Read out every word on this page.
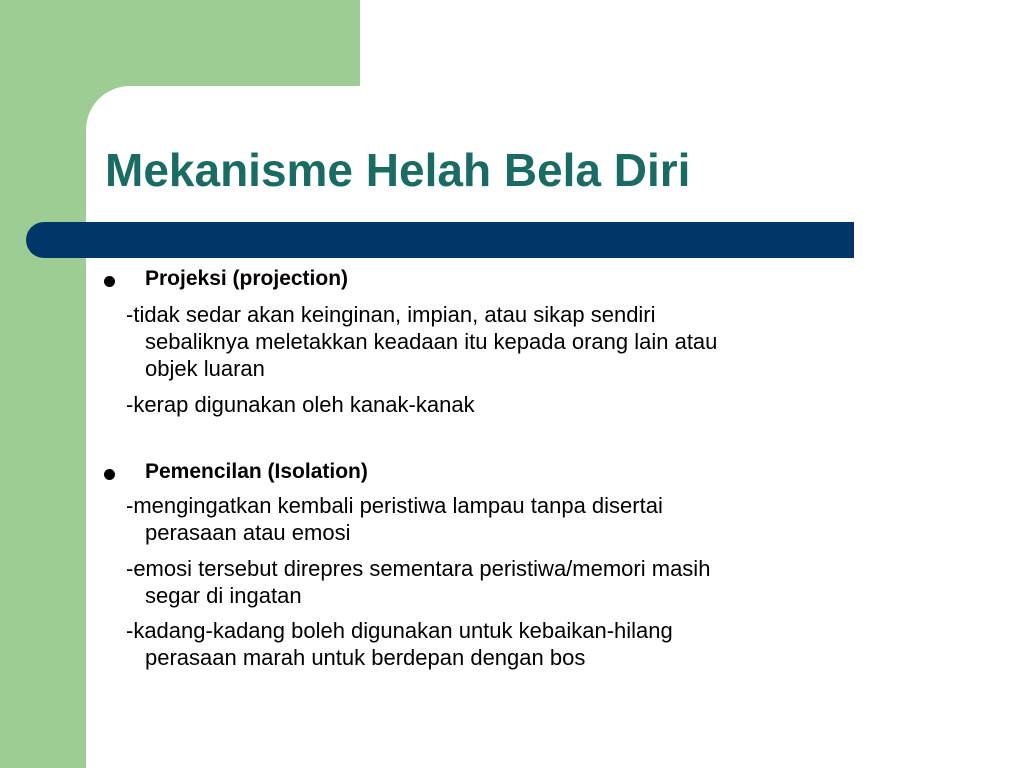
Mekanisme Helah Bela Diri
Projeksi (projection)
-tidak sedar akan keinginan, impian, atau sikap sendiri
sebaliknya meletakkan keadaan itu kepada orang lain atau
objek luaran
-kerap digunakan oleh kanak-kanak
Pemencilan (Isolation)
-mengingatkan kembali peristiwa lampau tanpa disertai
perasaan atau emosi
-emosi tersebut direpres sementara peristiwa/memori masih
segar di ingatan
-kadang-kadang boleh digunakan untuk kebaikan-hilang
perasaan marah untuk berdepan dengan bos
